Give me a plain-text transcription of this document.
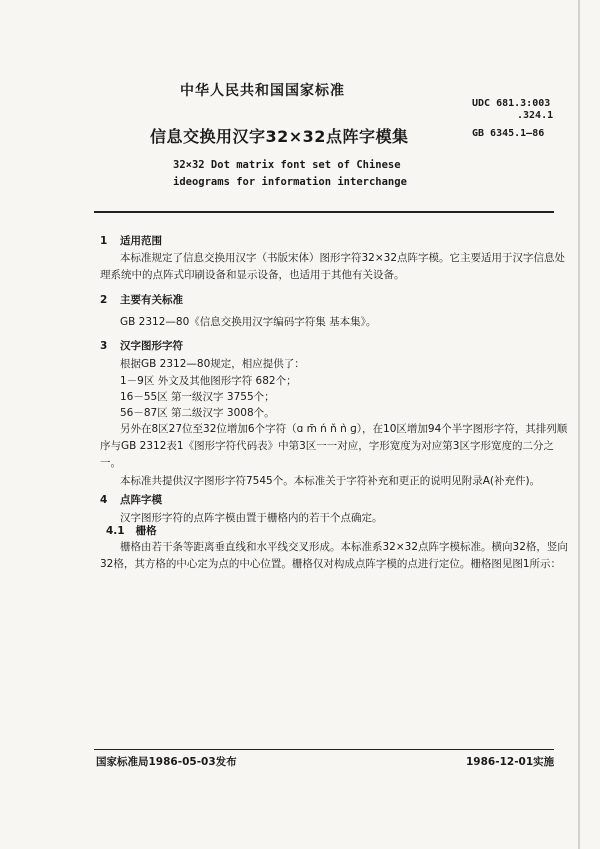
中华人民共和国国家标准
UDC 681.3:003
.324.1
信息交换用汉字32×32点阵字模集	GB 6345.1—86
32×32 Dot matrix font set of Chinese
ideograms for information interchange
1 适用范围
本标准规定了信息交换用汉字（书版宋体）图形字符32×32点阵字模。它主要适用于汉字信息处理系统中的点阵式印刷设备和显示设备，也适用于其他有关设备。
2 主要有关标准
GB 2312—80《信息交换用汉字编码字符集 基本集》。
3 汉字图形字符
根据GB 2312—80规定，相应提供了：
1－9区 外文及其他图形字符 682个；
16－55区 第一级汉字 3755个；
56－87区 第二级汉字 3008个。
另外在8区27位至32位增加6个字符（ɑ m̄ ń ň ǹ ɡ），在10区增加94个半字图形字符，其排列顺序与GB 2312表1《图形字符代码表》中第3区一一对应，字形宽度为对应第3区字形宽度的二分之一。
本标准共提供汉字图形字符7545个。本标准关于字符补充和更正的说明见附录A(补充件)。
4 点阵字模
汉字图形字符的点阵字模由置于栅格内的若干个点确定。
4.1 栅格
栅格由若干条等距离垂直线和水平线交叉形成。本标准系32×32点阵字模标准。横向32格，竖向32格，其方格的中心定为点的中心位置。栅格仅对构成点阵字模的点进行定位。栅格图见图1所示：
国家标准局1986-05-03发布	1986-12-01实施
